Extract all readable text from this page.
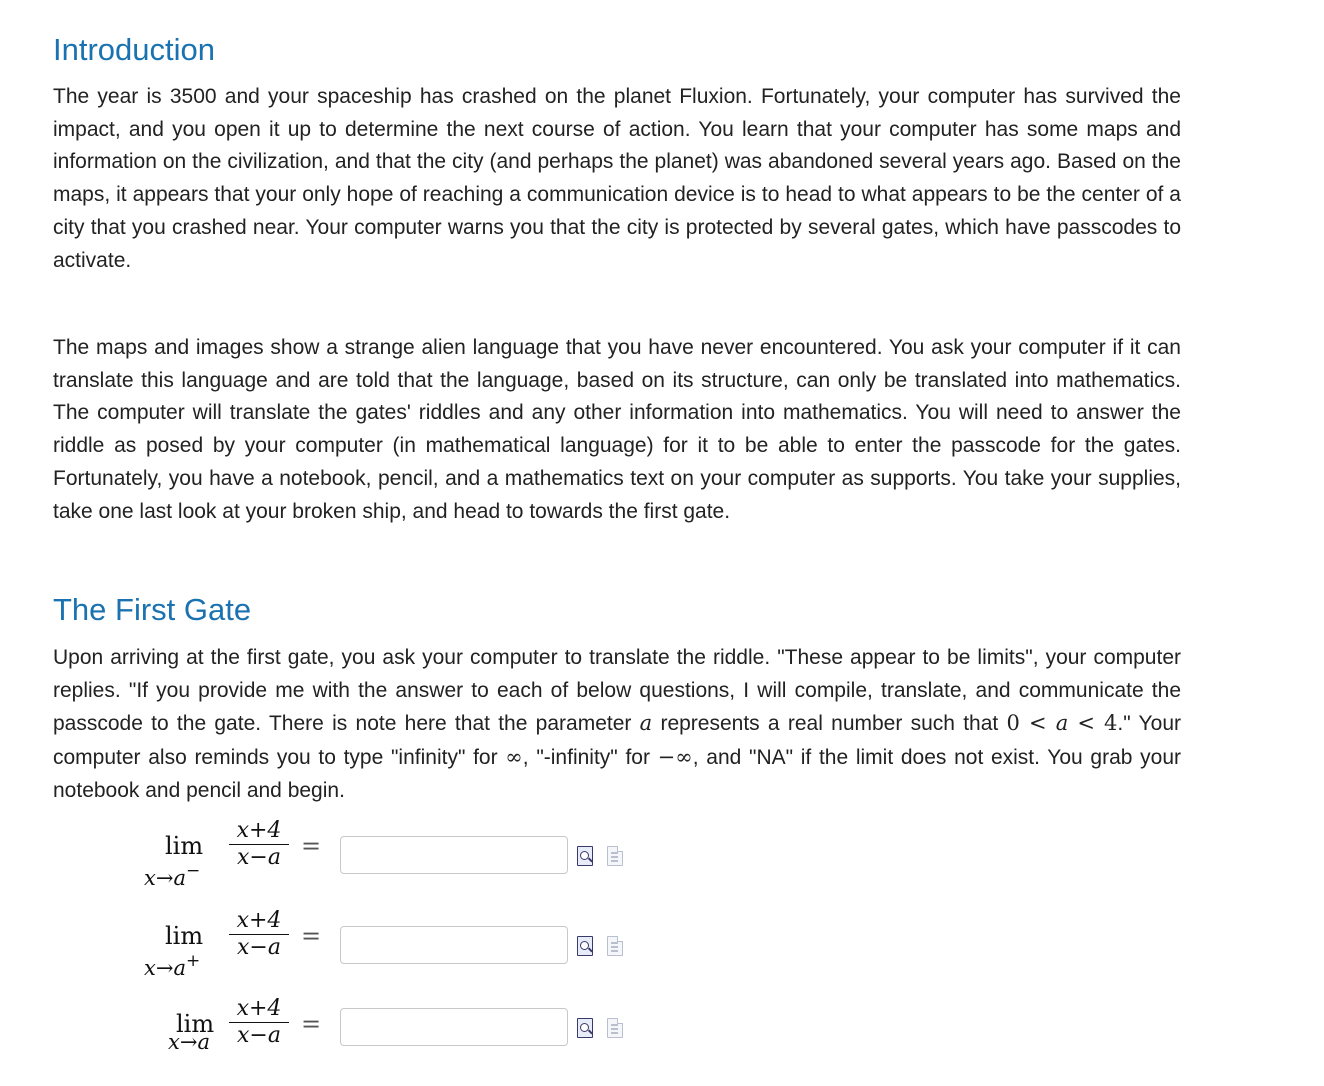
Introduction

The year is 3500 and your spaceship has crashed on the planet Fluxion. Fortunately, your computer has survived the impact, and you open it up to determine the next course of action. You learn that your computer has some maps and information on the civilization, and that the city (and perhaps the planet) was abandoned several years ago. Based on the maps, it appears that your only hope of reaching a communication device is to head to what appears to be the center of a city that you crashed near. Your computer warns you that the city is protected by several gates, which have passcodes to activate.

The maps and images show a strange alien language that you have never encountered. You ask your computer if it can translate this language and are told that the language, based on its structure, can only be translated into mathematics. The computer will translate the gates' riddles and any other information into mathematics. You will need to answer the riddle as posed by your computer (in mathematical language) for it to be able to enter the passcode for the gates. Fortunately, you have a notebook, pencil, and a mathematics text on your computer as supports. You take your supplies, take one last look at your broken ship, and head to towards the first gate.

The First Gate

Upon arriving at the first gate, you ask your computer to translate the riddle. "These appear to be limits", your computer replies. "If you provide me with the answer to each of below questions, I will compile, translate, and communicate the passcode to the gate. There is note here that the parameter a represents a real number such that 0 < a < 4." Your computer also reminds you to type "infinity" for ∞, "-infinity" for −∞, and "NA" if the limit does not exist. You grab your notebook and pencil and begin.

lim
$x\to a^- \frac{x+4}{x-a}$ =
lim
$x\to a^+ \frac{x+4}{x-a}$ =
lim
$x\to a \frac{x+4}{x-a}$ =
